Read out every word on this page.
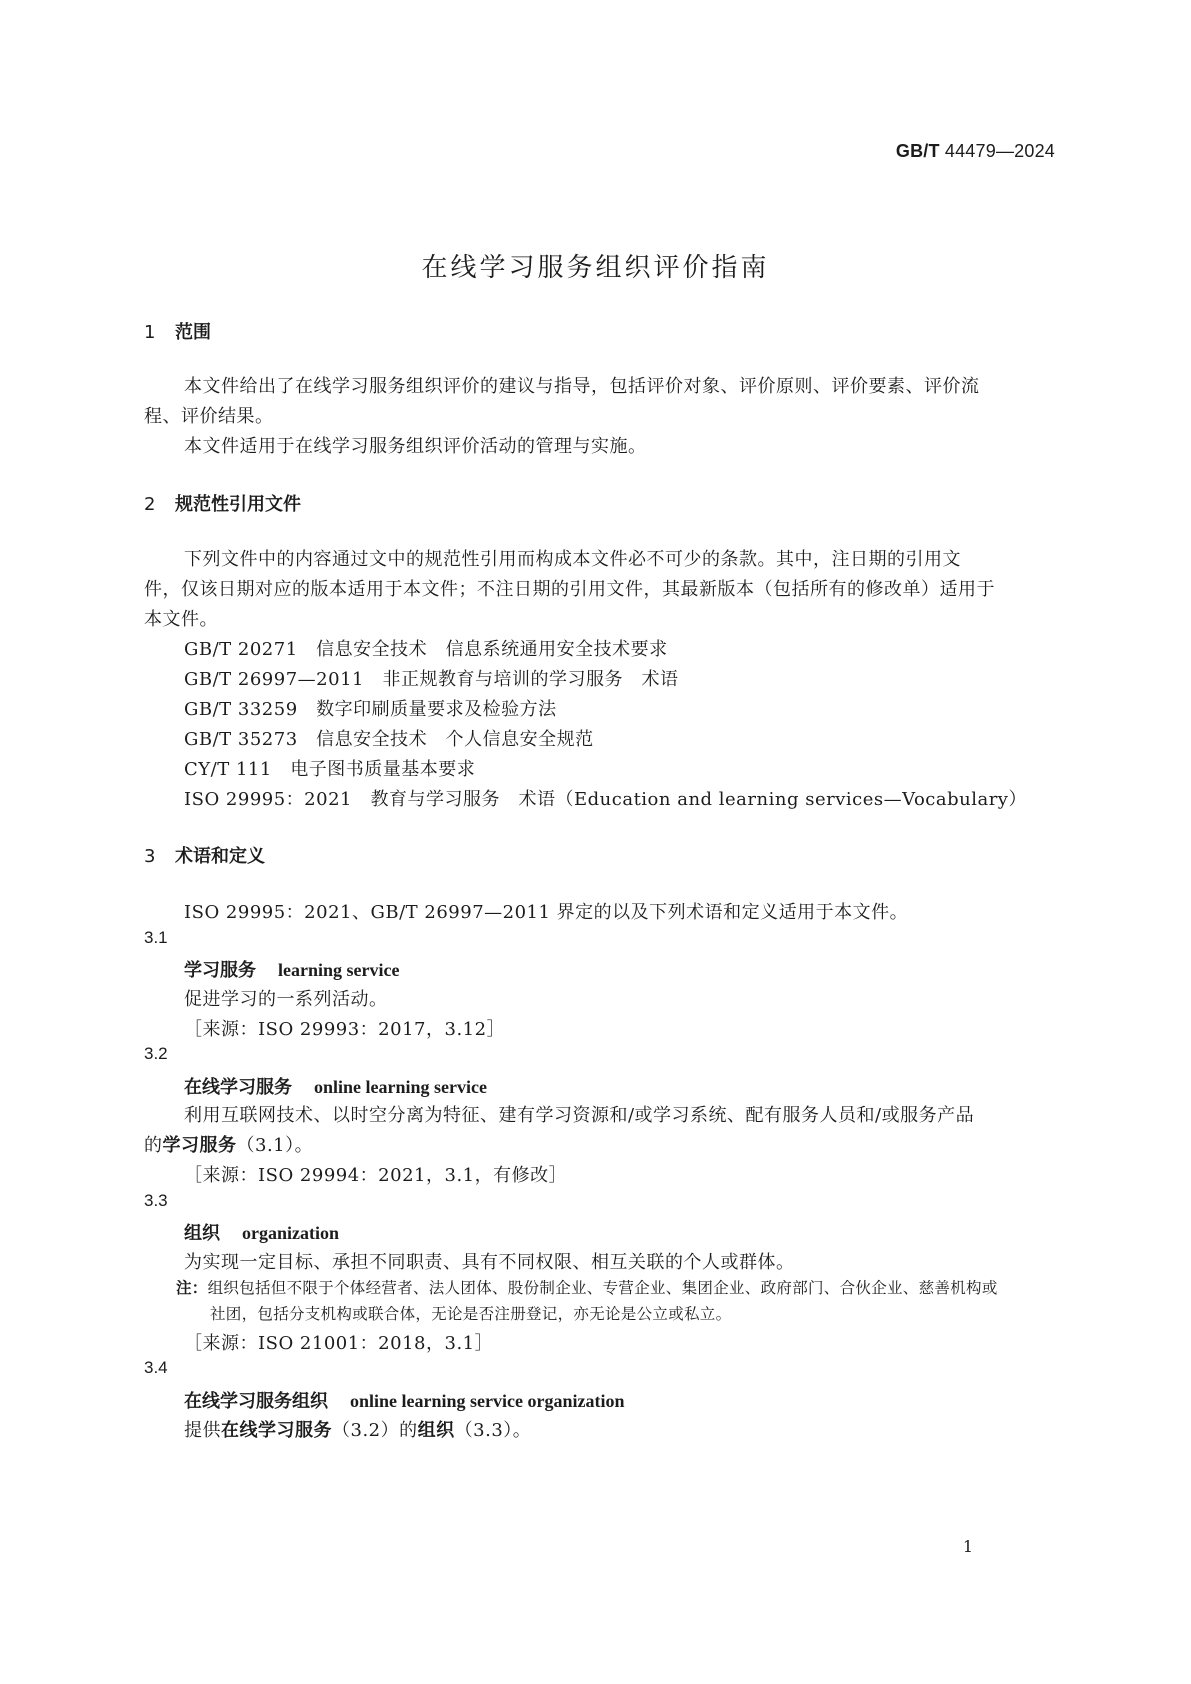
GB/T 44479—2024
在线学习服务组织评价指南
1 范围
本文件给出了在线学习服务组织评价的建议与指导，包括评价对象、评价原则、评价要素、评价流
程、评价结果。
本文件适用于在线学习服务组织评价活动的管理与实施。
2 规范性引用文件
下列文件中的内容通过文中的规范性引用而构成本文件必不可少的条款。其中，注日期的引用文
件，仅该日期对应的版本适用于本文件；不注日期的引用文件，其最新版本（包括所有的修改单）适用于
本文件。
GB/T 20271　 信息安全技术　信息系统通用安全技术要求
GB/T 26997—2011　 非正规教育与培训的学习服务　术语
GB/T 33259　 数字印刷质量要求及检验方法
GB/T 35273　 信息安全技术　个人信息安全规范
CY/T 111　 电子图书质量基本要求
ISO 29995：2021　 教育与学习服务　术语（Education and learning services—Vocabulary）
3 术语和定义
ISO 29995：2021、GB/T 26997—2011 界定的以及下列术语和定义适用于本文件。
3.1
学习服务 learning service
促进学习的一系列活动。
［来源：ISO 29993：2017，3.12］
3.2
在线学习服务 online learning service
利用互联网技术、以时空分离为特征、建有学习资源和/或学习系统、配有服务人员和/或服务产品
的学习服务（3.1）。
［来源：ISO 29994：2021，3.1，有修改］
3.3
组织 organization
为实现一定目标、承担不同职责、具有不同权限、相互关联的个人或群体。
注：组织包括但不限于个体经营者、法人团体、股份制企业、专营企业、集团企业、政府部门、合伙企业、慈善机构或
社团，包括分支机构或联合体，无论是否注册登记，亦无论是公立或私立。
［来源：ISO 21001：2018，3.1］
3.4
在线学习服务组织 online learning service organization
提供在线学习服务（3.2）的组织（3.3）。
1
